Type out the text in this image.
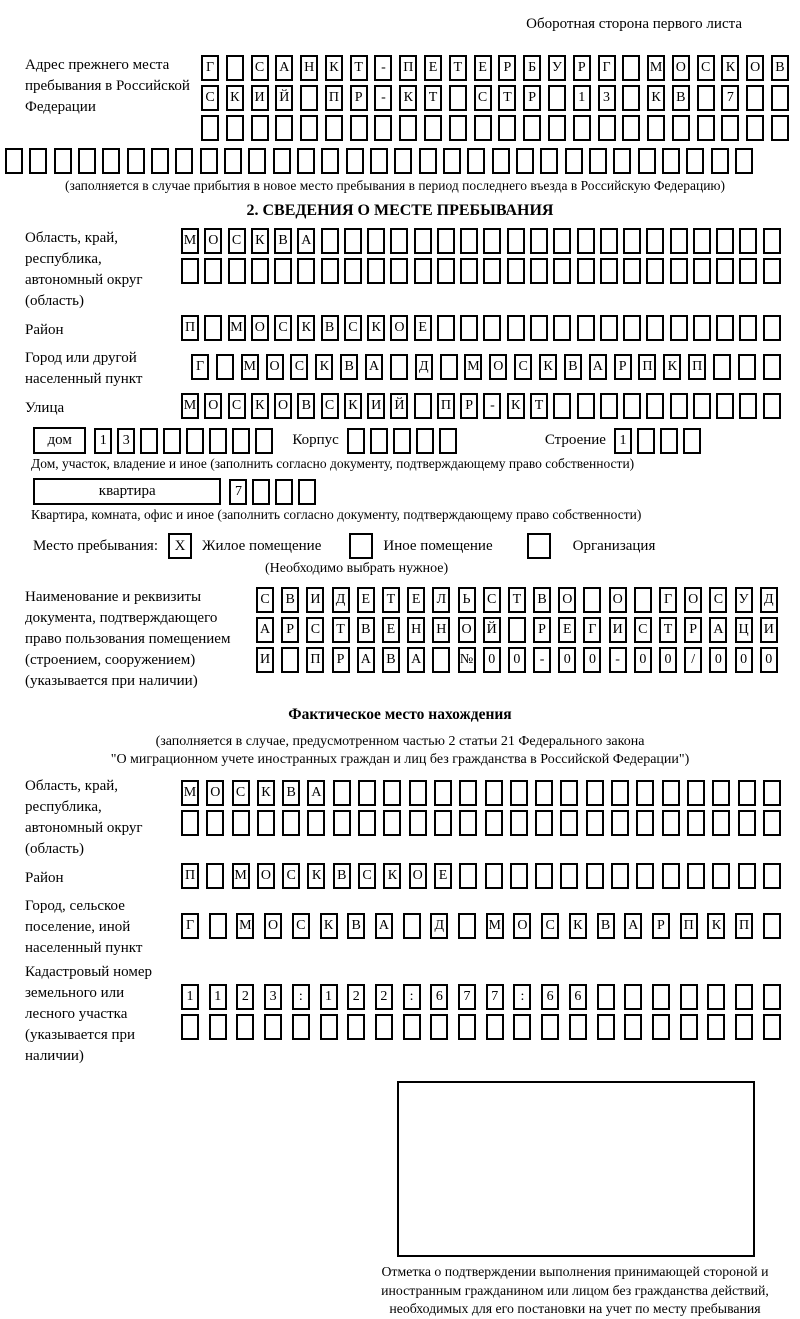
Оборотная сторона первого листа
Адрес прежнего места пребывания в Российской Федерации
Г	С	А Н	К	Т	-	П	Е	Т	Е	Р	Б	У	Р	Г	М О	С	К	О	В
С	К	И Й	П	Р	-	К	Т	С	Т	Р	1	3	К	В	7
(заполняется в случае прибытия в новое место пребывания в период последнего въезда в Российскую Федерацию)
2. СВЕДЕНИЯ О МЕСТЕ ПРЕБЫВАНИЯ
Область, край, республика, автономный округ (область)
М О С К В А
Район	П	М О С К В С К О Е
Город или другой населенный пункт
Г	М О	С	К	В	А	Д	М О	С	К	В	А	Р	П	К	П
Улица	М О С К О В С К И Й	П	Р	-	К	Т
дом	1	3	Корпус	Строение 1
Дом, участок, владение и иное (заполнить согласно документу, подтверждающему право собственности)
квартира	7
Квартира, комната, офис и иное (заполнить согласно документу, подтверждающему право собственности)
Место пребывания:	X	Жилое помещение	Иное помещение	Организация
(Необходимо выбрать нужное)
Наименование и реквизиты документа, подтверждающего право пользования помещением (строением, сооружением) (указывается при наличии)
С	В	И	Д	Е	Т	Е	Л	Ь	С	Т	В	О	О	Г	О	С	У	Д
А	Р	С	Т	В	Е	Н Н О Й	Р	Е	Г	И	С	Т	Р	А Ц И
И	П	Р	А	В	А	№	0	0	-	0	0	-	0	0	/	0	0	0
Фактическое место нахождения
(заполняется в случае, предусмотренном частью 2 статьи 21 Федерального закона
"О миграционном учете иностранных граждан и лиц без гражданства в Российской Федерации")
Область, край, республика, автономный округ (область)
М О	С	К	В	А
Район	П	М О	С	К	В	С	К	О	Е
Город, сельское поселение, иной населенный пункт
Г	М О	С	К	В	А	Д	М О	С	К	В	А	Р	П	К	П
Кадастровый номер земельного или лесного участка (указывается при наличии)
1	1	2	3	:	1	2	2	:	6	7	7	:	6	6
Отметка о подтверждении выполнения принимающей стороной и иностранным гражданином или лицом без гражданства действий, необходимых для его постановки на учет по месту пребывания
